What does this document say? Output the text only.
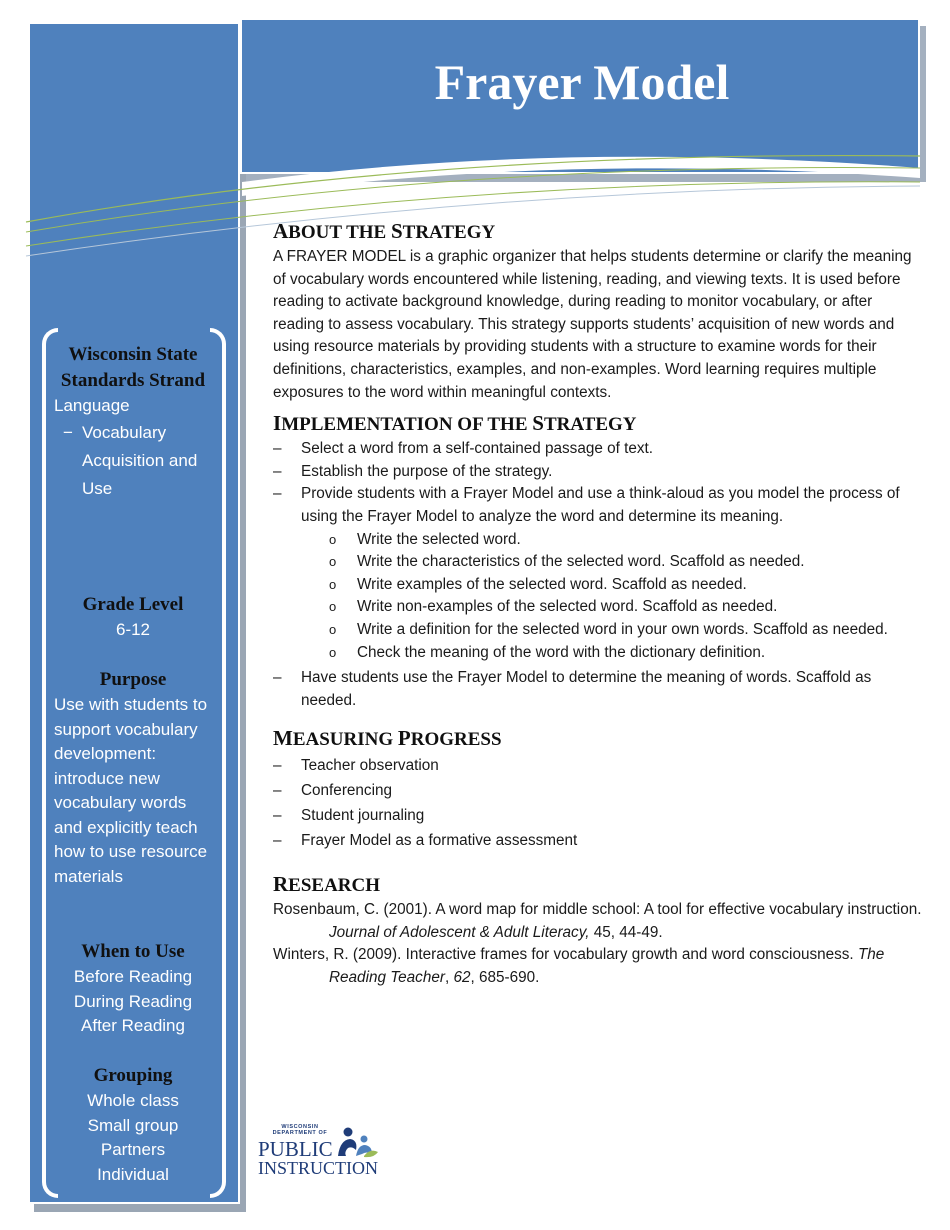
Wisconsin State Standards Strand
Language
− Vocabulary Acquisition and Use
Grade Level
6-12
Purpose
Use with students to support vocabulary development: introduce new vocabulary words and explicitly teach how to use resource materials
When to Use
Before Reading
During Reading
After Reading
Grouping
Whole class
Small group
Partners
Individual
Frayer Model
ABOUT THE STRATEGY

A FRAYER MODEL is a graphic organizer that helps students determine or clarify the meaning of vocabulary words encountered while listening, reading, and viewing texts. It is used before reading to activate background knowledge, during reading to monitor vocabulary, or after reading to assess vocabulary. This strategy supports students’ acquisition of new words and using resource materials by providing students with a structure to examine words for their definitions, characteristics, examples, and non-examples. Word learning requires multiple exposures to the word within meaningful contexts.

IMPLEMENTATION OF THE STRATEGY
–	Select a word from a self-contained passage of text.
–	Establish the purpose of the strategy.
–	Provide students with a Frayer Model and use a think-aloud as you model the process of using the Frayer Model to analyze the word and determine its meaning.
o Write the selected word.
o Write the characteristics of the selected word. Scaffold as needed.
o Write examples of the selected word. Scaffold as needed.
o Write non-examples of the selected word. Scaffold as needed.
o Write a definition for the selected word in your own words. Scaffold as needed.
o Check the meaning of the word with the dictionary definition.
–	Have students use the Frayer Model to determine the meaning of words. Scaffold as needed.
MEASURING PROGRESS
–	Teacher observation
–	Conferencing
–	Student journaling
–	Frayer Model as a formative assessment
RESEARCH

Rosenbaum, C. (2001). A word map for middle school: A tool for effective vocabulary instruction. Journal of Adolescent & Adult Literacy, 45, 44-49.

Winters, R. (2009). Interactive frames for vocabulary growth and word consciousness. The Reading Teacher, 62, 685-690.

WISCONSIN DEPARTMENT OF
PUBLIC
INSTRUCTION
